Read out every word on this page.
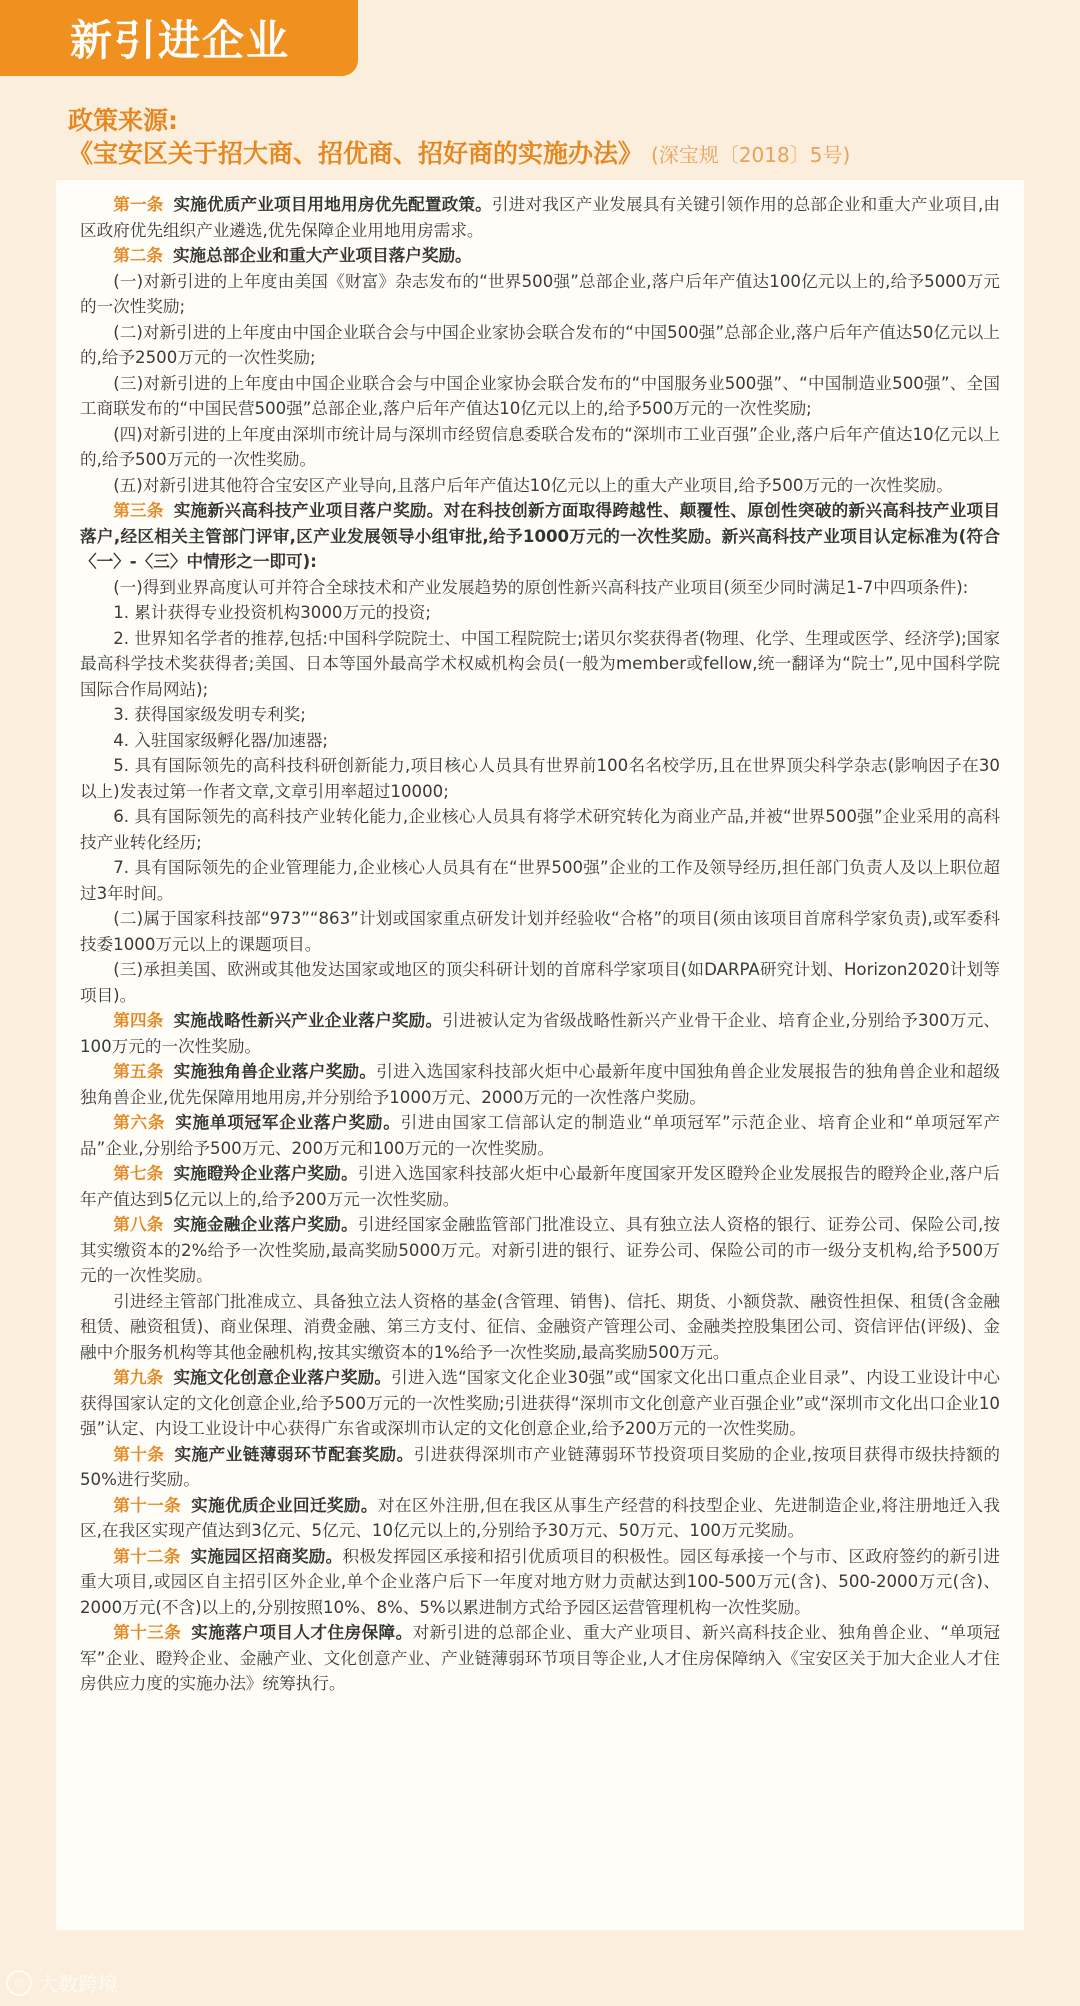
新引进企业
政策来源:
《宝安区关于招大商、招优商、招好商的实施办法》 (深宝规〔2018〕5号)

第一条 实施优质产业项目用地用房优先配置政策。引进对我区产业发展具有关键引领作用的总部企业和重大产业项目,由区政府优先组织产业遴选,优先保障企业用地用房需求。

第二条 实施总部企业和重大产业项目落户奖励。

(一)对新引进的上年度由美国《财富》杂志发布的“世界500强”总部企业,落户后年产值达100亿元以上的,给予5000万元的一次性奖励;

(二)对新引进的上年度由中国企业联合会与中国企业家协会联合发布的“中国500强”总部企业,落户后年产值达50亿元以上的,给予2500万元的一次性奖励;

(三)对新引进的上年度由中国企业联合会与中国企业家协会联合发布的“中国服务业500强”、“中国制造业500强”、全国工商联发布的“中国民营500强”总部企业,落户后年产值达10亿元以上的,给予500万元的一次性奖励;

(四)对新引进的上年度由深圳市统计局与深圳市经贸信息委联合发布的“深圳市工业百强”企业,落户后年产值达10亿元以上的,给予500万元的一次性奖励。

(五)对新引进其他符合宝安区产业导向,且落户后年产值达10亿元以上的重大产业项目,给予500万元的一次性奖励。

第三条 实施新兴高科技产业项目落户奖励。对在科技创新方面取得跨越性、颠覆性、原创性突破的新兴高科技产业项目落户,经区相关主管部门评审,区产业发展领导小组审批,给予1000万元的一次性奖励。新兴高科技产业项目认定标准为(符合〈一〉-〈三〉中情形之一即可):

(一)得到业界高度认可并符合全球技术和产业发展趋势的原创性新兴高科技产业项目(须至少同时满足1-7中四项条件):

1. 累计获得专业投资机构3000万元的投资;

2. 世界知名学者的推荐,包括:中国科学院院士、中国工程院院士;诺贝尔奖获得者(物理、化学、生理或医学、经济学);国家最高科学技术奖获得者;美国、日本等国外最高学术权威机构会员(一般为member或fellow,统一翻译为“院士”,见中国科学院国际合作局网站);

3. 获得国家级发明专利奖;

4. 入驻国家级孵化器/加速器;

5. 具有国际领先的高科技科研创新能力,项目核心人员具有世界前100名名校学历,且在世界顶尖科学杂志(影响因子在30以上)发表过第一作者文章,文章引用率超过10000;

6. 具有国际领先的高科技产业转化能力,企业核心人员具有将学术研究转化为商业产品,并被“世界500强”企业采用的高科技产业转化经历;

7. 具有国际领先的企业管理能力,企业核心人员具有在“世界500强”企业的工作及领导经历,担任部门负责人及以上职位超过3年时间。

(二)属于国家科技部“973”“863”计划或国家重点研发计划并经验收“合格”的项目(须由该项目首席科学家负责),或军委科技委1000万元以上的课题项目。

(三)承担美国、欧洲或其他发达国家或地区的顶尖科研计划的首席科学家项目(如DARPA研究计划、Horizon2020计划等项目)。

第四条 实施战略性新兴产业企业落户奖励。引进被认定为省级战略性新兴产业骨干企业、培育企业,分别给予300万元、100万元的一次性奖励。

第五条 实施独角兽企业落户奖励。引进入选国家科技部火炬中心最新年度中国独角兽企业发展报告的独角兽企业和超级独角兽企业,优先保障用地用房,并分别给予1000万元、2000万元的一次性落户奖励。

第六条 实施单项冠军企业落户奖励。引进由国家工信部认定的制造业“单项冠军”示范企业、培育企业和“单项冠军产品”企业,分别给予500万元、200万元和100万元的一次性奖励。

第七条 实施瞪羚企业落户奖励。引进入选国家科技部火炬中心最新年度国家开发区瞪羚企业发展报告的瞪羚企业,落户后年产值达到5亿元以上的,给予200万元一次性奖励。

第八条 实施金融企业落户奖励。引进经国家金融监管部门批准设立、具有独立法人资格的银行、证券公司、保险公司,按其实缴资本的2%给予一次性奖励,最高奖励5000万元。对新引进的银行、证券公司、保险公司的市一级分支机构,给予500万元的一次性奖励。

引进经主管部门批准成立、具备独立法人资格的基金(含管理、销售)、信托、期货、小额贷款、融资性担保、租赁(含金融租赁、融资租赁)、商业保理、消费金融、第三方支付、征信、金融资产管理公司、金融类控股集团公司、资信评估(评级)、金融中介服务机构等其他金融机构,按其实缴资本的1%给予一次性奖励,最高奖励500万元。

第九条 实施文化创意企业落户奖励。引进入选“国家文化企业30强”或“国家文化出口重点企业目录”、内设工业设计中心获得国家认定的文化创意企业,给予500万元的一次性奖励;引进获得“深圳市文化创意产业百强企业”或“深圳市文化出口企业10强”认定、内设工业设计中心获得广东省或深圳市认定的文化创意企业,给予200万元的一次性奖励。

第十条 实施产业链薄弱环节配套奖励。引进获得深圳市产业链薄弱环节投资项目奖励的企业,按项目获得市级扶持额的50%进行奖励。

第十一条 实施优质企业回迁奖励。对在区外注册,但在我区从事生产经营的科技型企业、先进制造企业,将注册地迁入我区,在我区实现产值达到3亿元、5亿元、10亿元以上的,分别给予30万元、50万元、100万元奖励。

第十二条 实施园区招商奖励。积极发挥园区承接和招引优质项目的积极性。园区每承接一个与市、区政府签约的新引进重大项目,或园区自主招引区外企业,单个企业落户后下一年度对地方财力贡献达到100-500万元(含)、500-2000万元(含)、2000万元(不含)以上的,分别按照10%、8%、5%以累进制方式给予园区运营管理机构一次性奖励。

第十三条 实施落户项目人才住房保障。对新引进的总部企业、重大产业项目、新兴高科技企业、独角兽企业、“单项冠军”企业、瞪羚企业、金融产业、文化创意产业、产业链薄弱环节项目等企业,人才住房保障纳入《宝安区关于加大企业人才住房供应力度的实施办法》统筹执行。

◎ 大数跨境
